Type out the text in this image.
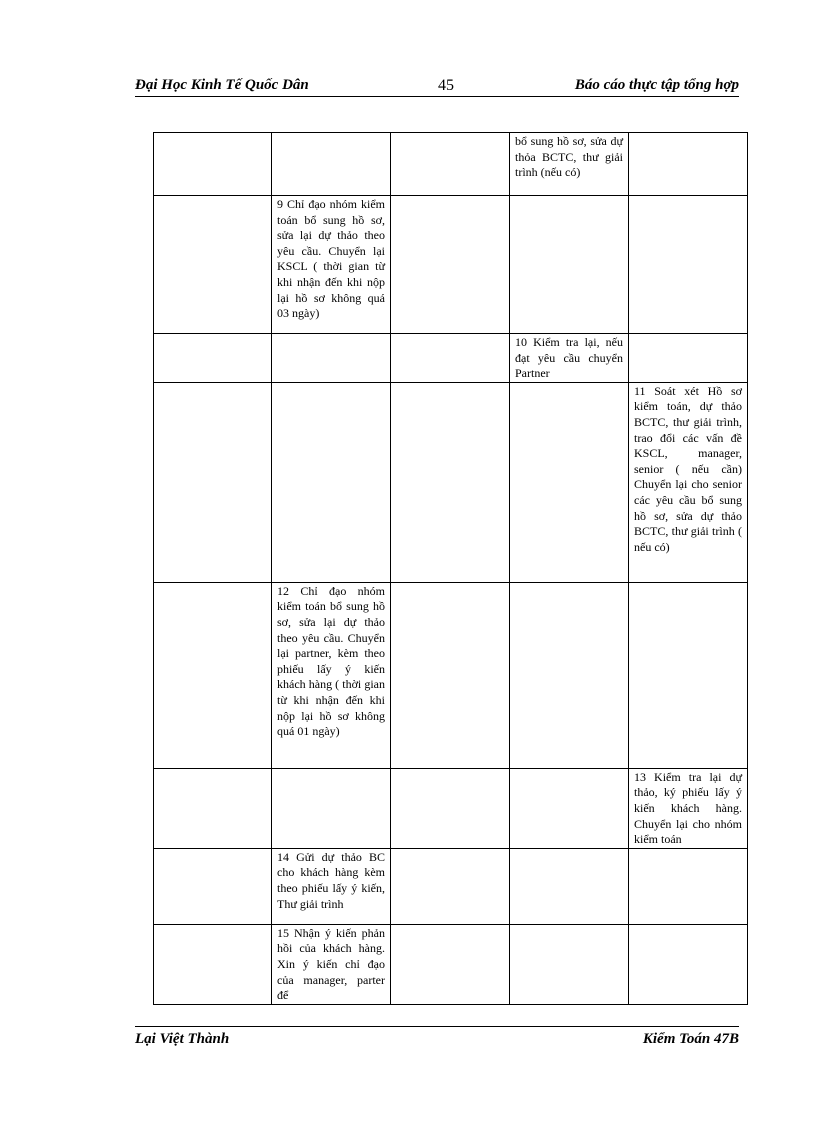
Đại Học Kinh Tế Quốc Dân	45	Báo cáo thực tập tổng hợp
			bổ sung hồ sơ, sửa dự thỏa BCTC, thư giải trình (nếu có)	
	9 Chỉ đạo nhóm kiểm toán bổ sung hồ sơ, sửa lại dự thảo theo yêu cầu. Chuyển lại KSCL ( thời gian từ khi nhận đến khi nộp lại hồ sơ không quá 03 ngày)			
			10 Kiểm tra lại, nếu đạt yêu cầu chuyển Partner	
				11 Soát xét Hồ sơ kiểm toán, dự thảo BCTC, thư giải trình, trao đổi các vấn đề KSCL, manager, senior ( nếu cần) Chuyển lại cho senior các yêu cầu bổ sung hồ sơ, sửa dự thảo BCTC, thư giải trình ( nếu có)
	12 Chỉ đạo nhóm kiểm toán bổ sung hồ sơ, sửa lại dự thảo theo yêu cầu. Chuyển lại partner, kèm theo phiếu lấy ý kiến khách hàng ( thời gian từ khi nhận đến khi nộp lại hồ sơ không quá 01 ngày)			
				13 Kiểm tra lại dự thảo, ký phiếu lấy ý kiến khách hàng. Chuyển lại cho nhóm kiểm toán
	14 Gửi dự thảo BC cho khách hàng kèm theo phiếu lấy ý kiến, Thư giải trình			
	15 Nhận ý kiến phản hồi của khách hàng. Xin ý kiến chỉ đạo của manager, parter để			
Lại Việt Thành	Kiểm Toán 47B
